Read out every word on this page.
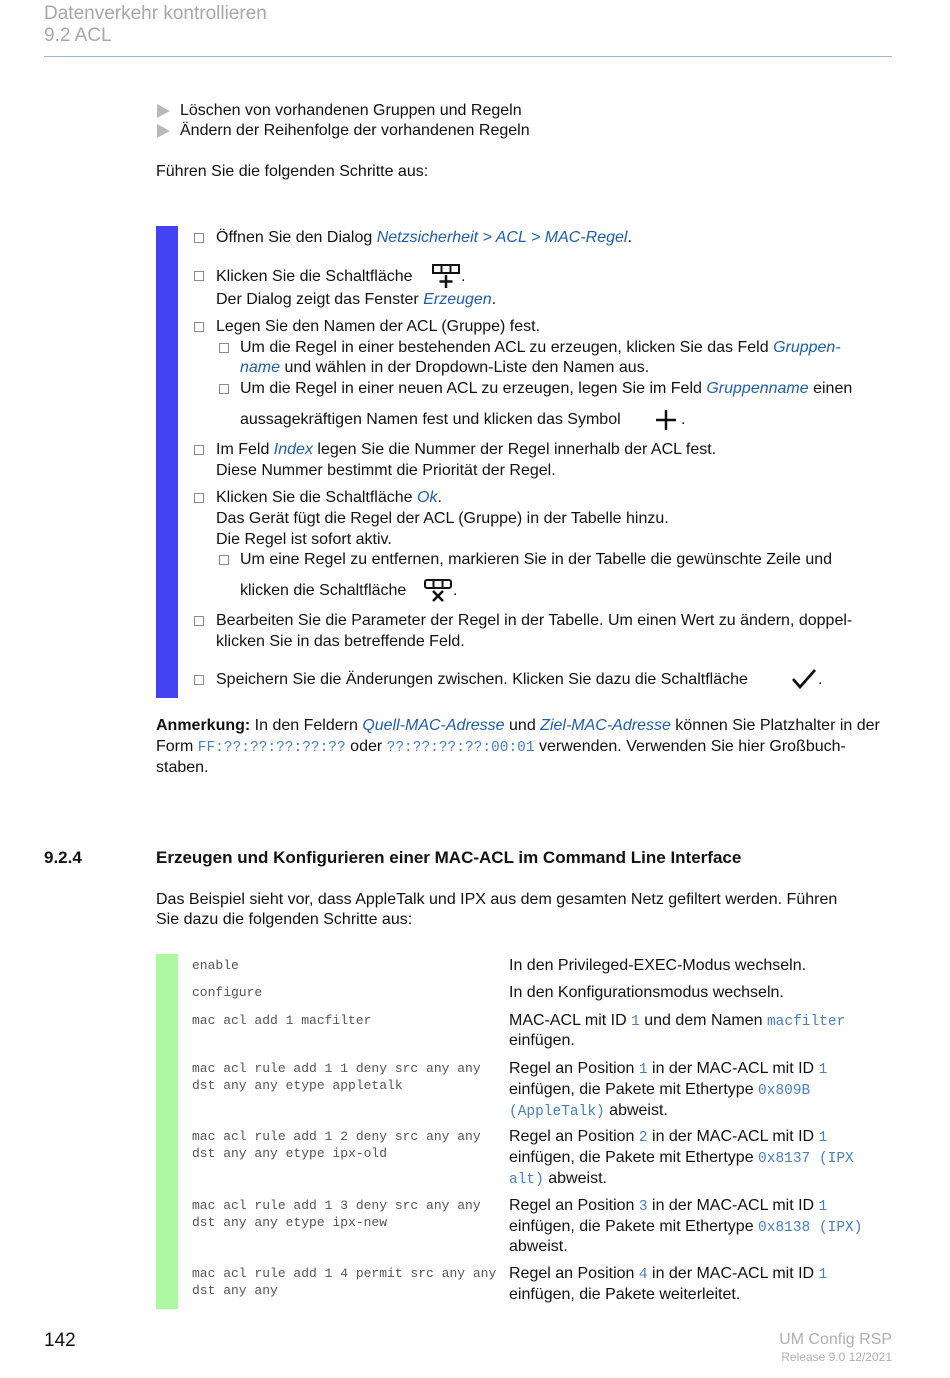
Datenverkehr kontrollieren
9.2 ACL
Löschen von vorhandenen Gruppen und Regeln
Ändern der Reihenfolge der vorhandenen Regeln
Führen Sie die folgenden Schritte aus:
Öffnen Sie den Dialog Netzsicherheit > ACL > MAC-Regel.
Klicken Sie die Schaltfläche	.
Der Dialog zeigt das Fenster Erzeugen.
Legen Sie den Namen der ACL (Gruppe) fest.
Um die Regel in einer bestehenden ACL zu erzeugen, klicken Sie das Feld Gruppen-
name und wählen in der Dropdown-Liste den Namen aus.
Um die Regel in einer neuen ACL zu erzeugen, legen Sie im Feld Gruppenname einen
aussagekräftigen Namen fest und klicken das Symbol	.
Im Feld Index legen Sie die Nummer der Regel innerhalb der ACL fest.
Diese Nummer bestimmt die Priorität der Regel.
Klicken Sie die Schaltfläche Ok.
Das Gerät fügt die Regel der ACL (Gruppe) in der Tabelle hinzu.
Die Regel ist sofort aktiv.
Um eine Regel zu entfernen, markieren Sie in der Tabelle die gewünschte Zeile und
klicken die Schaltfläche	.
Bearbeiten Sie die Parameter der Regel in der Tabelle. Um einen Wert zu ändern, doppel-
klicken Sie in das betreffende Feld.
Speichern Sie die Änderungen zwischen. Klicken Sie dazu die Schaltfläche	.
Anmerkung: In den Feldern Quell-MAC-Adresse und Ziel-MAC-Adresse können Sie Platzhalter in der
Form FF:??:??:??:??:?? oder ??:??:??:??:00:01 verwenden. Verwenden Sie hier Großbuch-
staben.
9.2.4	Erzeugen und Konfigurieren einer MAC-ACL im Command Line Interface
Das Beispiel sieht vor, dass AppleTalk und IPX aus dem gesamten Netz gefiltert werden. Führen
Sie dazu die folgenden Schritte aus:
enable	In den Privileged-EXEC-Modus wechseln.
configure	In den Konfigurationsmodus wechseln.
mac acl add 1 macfilter	MAC-ACL mit ID 1 und dem Namen macfilter
einfügen.
mac acl rule add 1 1 deny src any any
dst any any etype appletalk
Regel an Position 1 in der MAC-ACL mit ID 1
einfügen, die Pakete mit Ethertype 0x809B
(AppleTalk) abweist.
mac acl rule add 1 2 deny src any any
dst any any etype ipx-old
Regel an Position 2 in der MAC-ACL mit ID 1
einfügen, die Pakete mit Ethertype 0x8137 (IPX
alt) abweist.
mac acl rule add 1 3 deny src any any
dst any any etype ipx-new
Regel an Position 3 in der MAC-ACL mit ID 1
einfügen, die Pakete mit Ethertype 0x8138 (IPX)
abweist.
mac acl rule add 1 4 permit src any any
dst any any
Regel an Position 4 in der MAC-ACL mit ID 1
einfügen, die Pakete weiterleitet.
142	UM Config RSP
Release 9.0 12/2021
